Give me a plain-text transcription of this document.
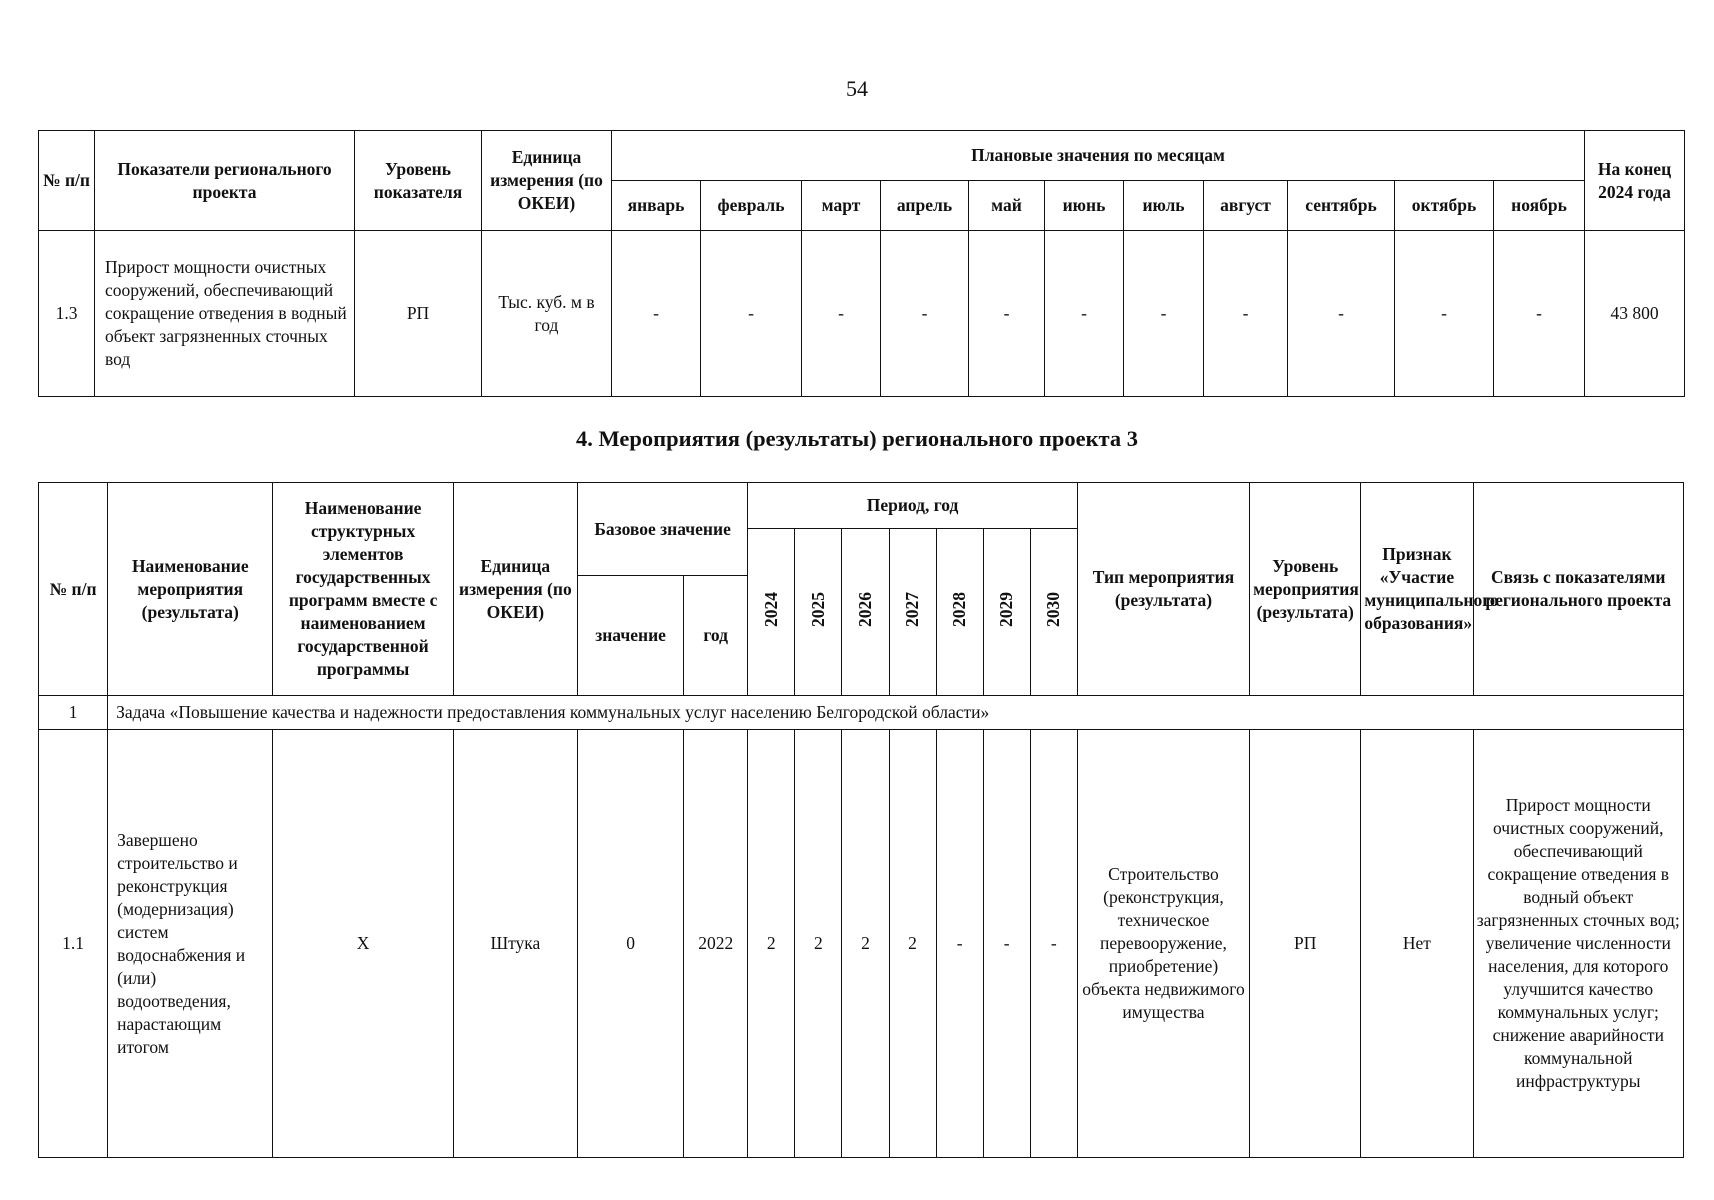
54
№ п/п	Показатели регионального проекта	Уровень показателя	Единица измерения (по ОКЕИ)	Плановые значения по месяцам											На конец 2024 года
				январь	февраль	март	апрель	май	июнь	июль	август	сентябрь	октябрь	ноябрь	
1.3	Прирост мощности очистных сооружений, обеспечивающий сокращение отведения в водный объект загрязненных сточных вод	РП	Тыс. куб. м в год	-	-	-	-	-	-	-	-	-	-	-	43 800
4. Мероприятия (результаты) регионального проекта 3
№ п/п	Наименование мероприятия (результата)	Наименование структурных элементов государственных программ вместе с наименованием государственной программы	Единица измерения (по ОКЕИ)	Базовое значение		Период, год							Тип мероприятия (результата)	Уровень мероприятия (результата)	Признак «Участие муниципального образования»	Связь с показателями регионального проекта
						2024	2025	2026	2027	2028	2029	2030				
				значение	год											
1	Задача «Повышение качества и надежности предоставления коммунальных услуг населению Белгородской области»															
1.1	Завершено строительство и реконструкция (модернизация) систем водоснабжения и (или) водоотведения, нарастающим итогом	Х	Штука	0	2022	2	2	2	2	-	-	-	Строительство (реконструкция, техническое перевооружение, приобретение) объекта недвижимого имущества	РП	Нет	Прирост мощности очистных сооружений, обеспечивающий сокращение отведения в водный объект загрязненных сточных вод; увеличение численности населения, для которого улучшится качество коммунальных услуг; снижение аварийности коммунальной инфраструктуры
